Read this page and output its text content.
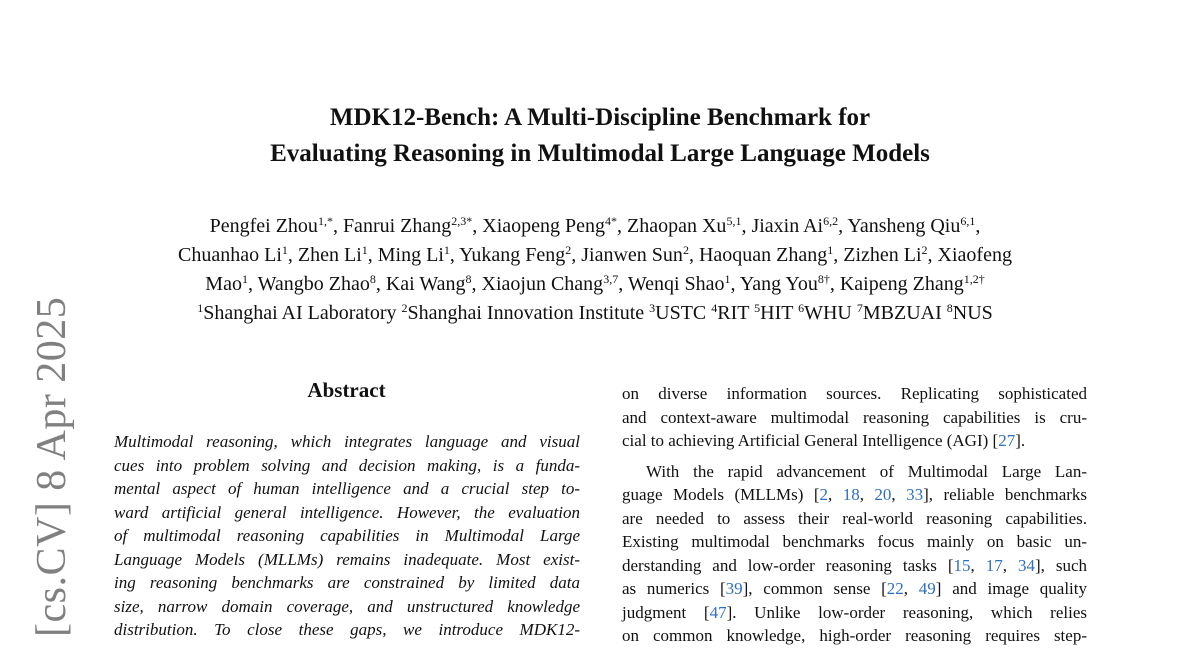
[cs.CV] 8 Apr 2025
MDK12-Bench: A Multi-Discipline Benchmark for
Evaluating Reasoning in Multimodal Large Language Models
Pengfei Zhou$^{1,*}$, Fanrui Zhang$^{2,3*}$, Xiaopeng Peng$^{4*}$, Zhaopan Xu$^{5,1}$, Jiaxin Ai$^{6,2}$, Yansheng Qiu$^{6,1}$,
Chuanhao Li$^1$, Zhen Li$^1$, Ming Li$^1$, Yukang Feng$^2$, Jianwen Sun$^2$, Haoquan Zhang$^1$, Zizhen Li$^2$, Xiaofeng
Mao$^1$, Wangbo Zhao$^8$, Kai Wang$^8$, Xiaojun Chang$^{3,7}$, Wenqi Shao$^1$, Yang You$^{8\dagger}$, Kaipeng Zhang$^{1,2\dagger}$
$^1$Shanghai AI Laboratory $^2$Shanghai Innovation Institute $^3$USTC $^4$RIT $^5$HIT $^6$WHU $^7$MBZUAI $^8$NUS
Abstract
Multimodal reasoning, which integrates language and visual
cues into problem solving and decision making, is a funda-
mental aspect of human intelligence and a crucial step to-
ward artificial general intelligence. However, the evaluation
of multimodal reasoning capabilities in Multimodal Large
Language Models (MLLMs) remains inadequate. Most exist-
ing reasoning benchmarks are constrained by limited data
size, narrow domain coverage, and unstructured knowledge
distribution. To close these gaps, we introduce MDK12-
on diverse information sources. Replicating sophisticated
and context-aware multimodal reasoning capabilities is cru-
cial to achieving Artificial General Intelligence (AGI) [27].
With the rapid advancement of Multimodal Large Lan-
guage Models (MLLMs) [2, 18, 20, 33], reliable benchmarks
are needed to assess their real-world reasoning capabilities.
Existing multimodal benchmarks focus mainly on basic un-
derstanding and low-order reasoning tasks [15, 17, 34], such
as numerics [39], common sense [22, 49] and image quality
judgment [47]. Unlike low-order reasoning, which relies
on common knowledge, high-order reasoning requires step-
